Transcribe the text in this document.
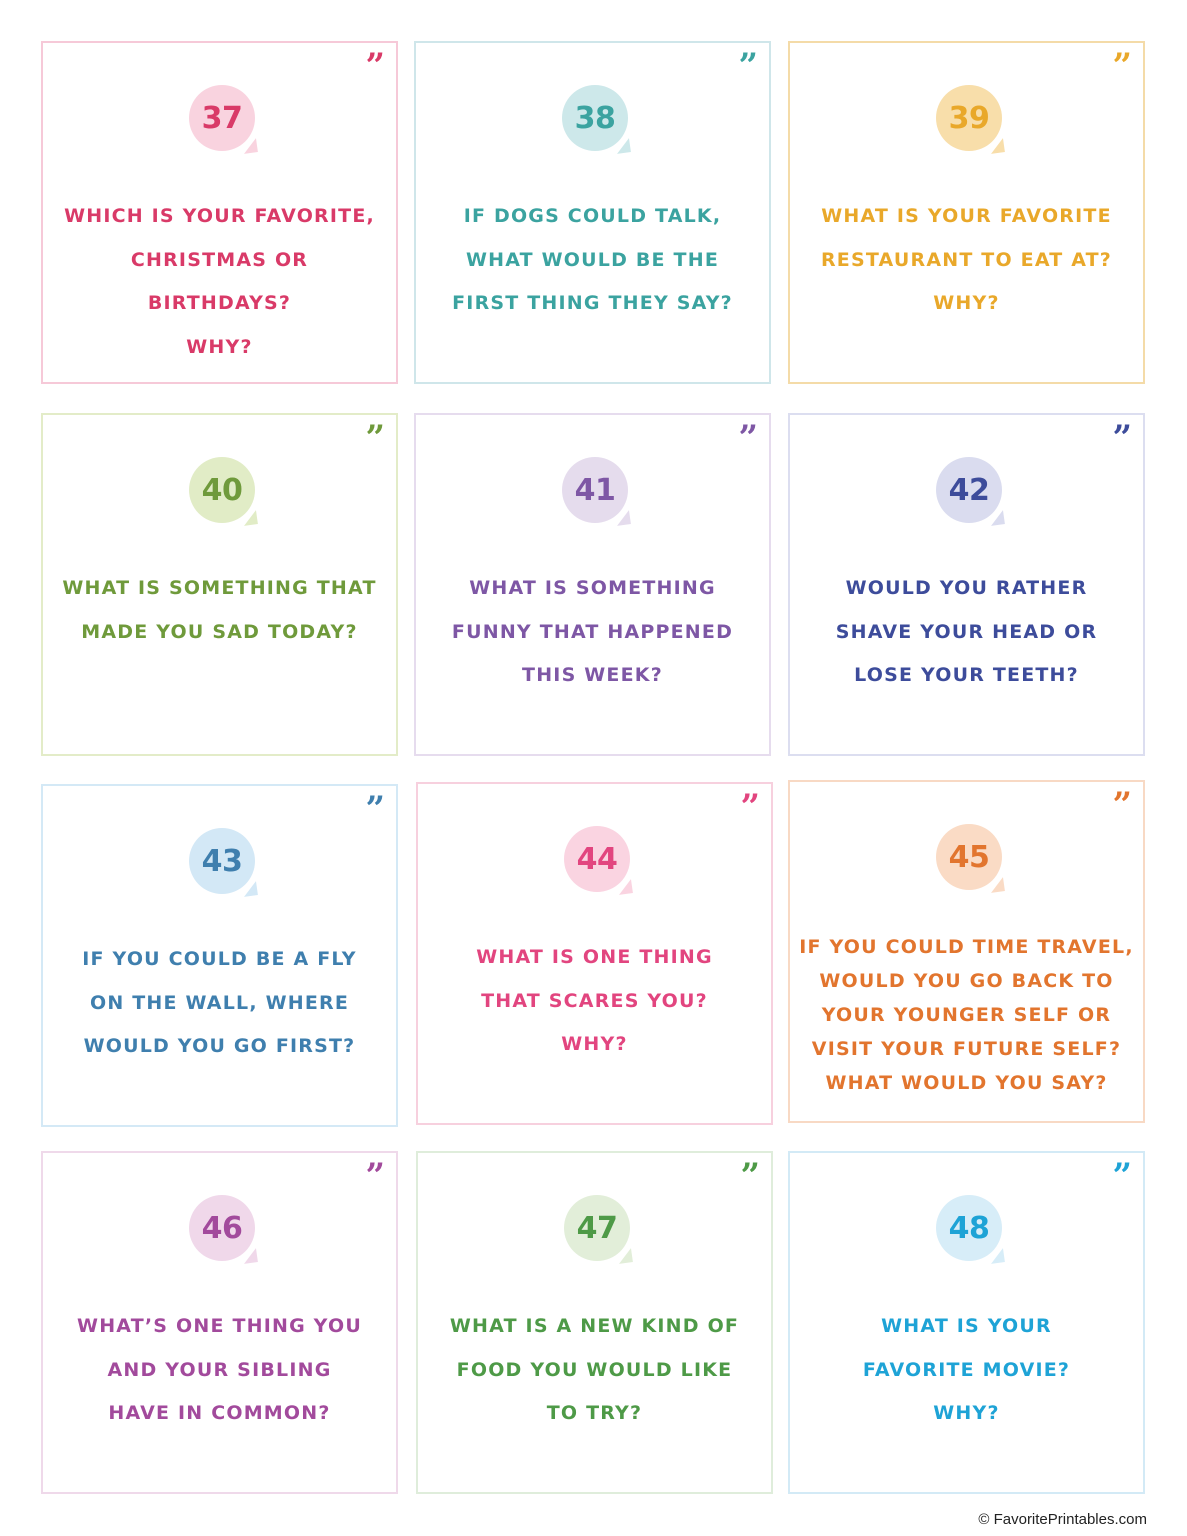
”
37
WHICH IS YOUR FAVORITE,
CHRISTMAS OR
BIRTHDAYS?
WHY?
”
38
IF DOGS COULD TALK,
WHAT WOULD BE THE
FIRST THING THEY SAY?
”
39
WHAT IS YOUR FAVORITE
RESTAURANT TO EAT AT?
WHY?
”
40
WHAT IS SOMETHING THAT
MADE YOU SAD TODAY?
”
41
WHAT IS SOMETHING
FUNNY THAT HAPPENED
THIS WEEK?
”
42
WOULD YOU RATHER
SHAVE YOUR HEAD OR
LOSE YOUR TEETH?
”
43
IF YOU COULD BE A FLY
ON THE WALL, WHERE
WOULD YOU GO FIRST?
”
44
WHAT IS ONE THING
THAT SCARES YOU?
WHY?
”
45
IF YOU COULD TIME TRAVEL,
WOULD YOU GO BACK TO
YOUR YOUNGER SELF OR
VISIT YOUR FUTURE SELF?
WHAT WOULD YOU SAY?
”
46
WHAT’S ONE THING YOU
AND YOUR SIBLING
HAVE IN COMMON?
”
47
WHAT IS A NEW KIND OF
FOOD YOU WOULD LIKE
TO TRY?
”
48
WHAT IS YOUR
FAVORITE MOVIE?
WHY?
© FavoritePrintables.com
